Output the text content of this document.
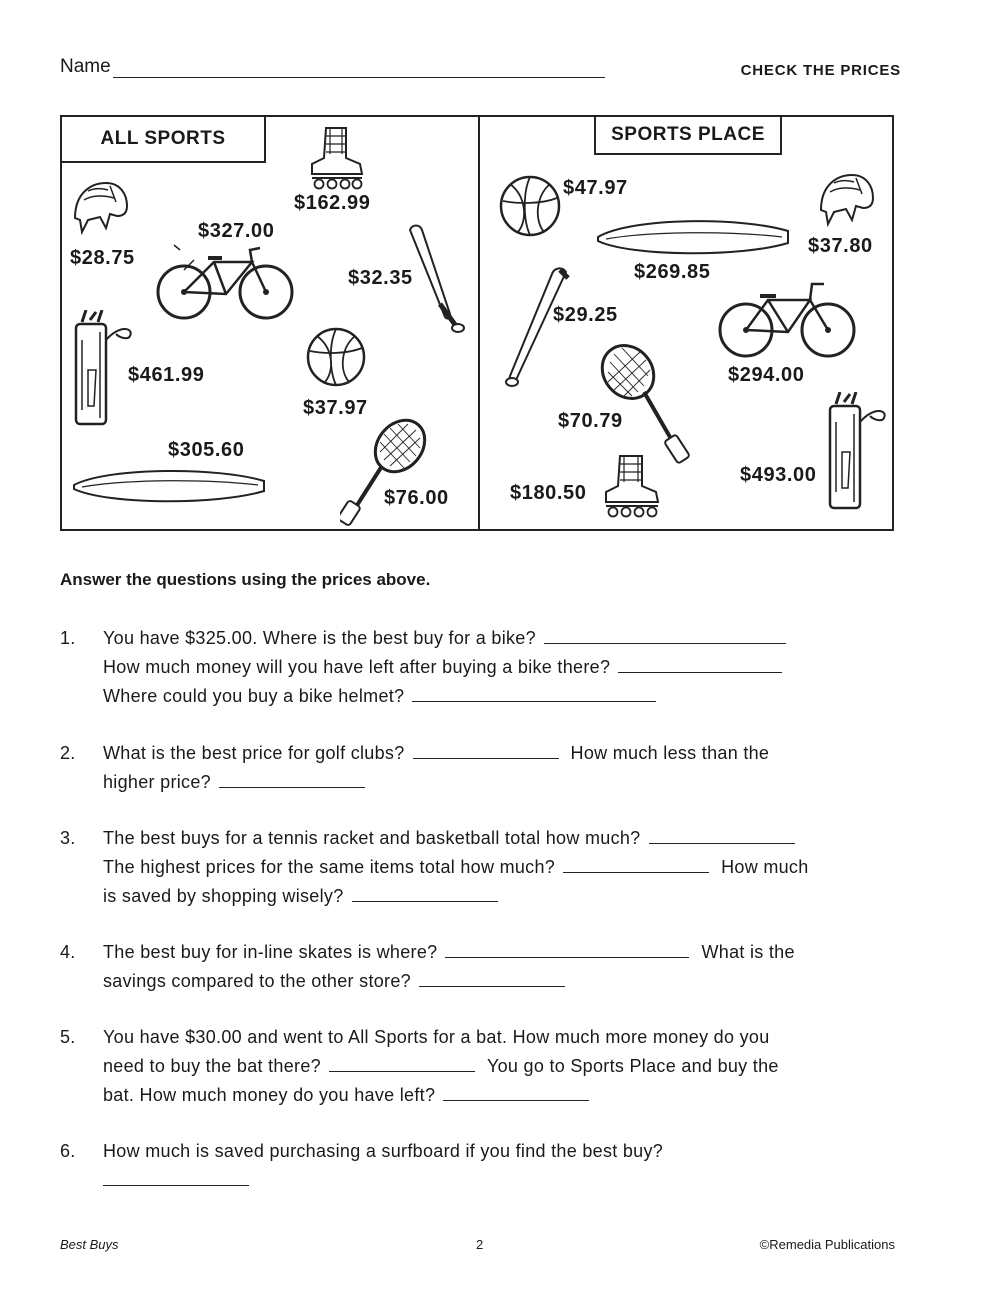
Name	CHECK THE PRICES
ALL SPORTS	SPORTS PLACE
$28.75
$162.99
$327.00
$32.35
$461.99
$37.97
$305.60
$76.00
$47.97
$37.80
$269.85
$29.25
$294.00
$70.79
$493.00
$180.50
Answer the questions using the prices above.
1. You have $325.00. Where is the best buy for a bike?
How much money will you have left after buying a bike there?
Where could you buy a bike helmet?
2. What is the best price for golf clubs?	How much less than the
higher price?
3. The best buys for a tennis racket and basketball total how much?
The highest prices for the same items total how much?	How much
is saved by shopping wisely?
4. The best buy for in-line skates is where?	What is the
savings compared to the other store?
5. You have $30.00 and went to All Sports for a bat. How much more money do you
need to buy the bat there?	You go to Sports Place and buy the
bat. How much money do you have left?
6. How much is saved purchasing a surfboard if you find the best buy?
Best Buys	2	©Remedia Publications
